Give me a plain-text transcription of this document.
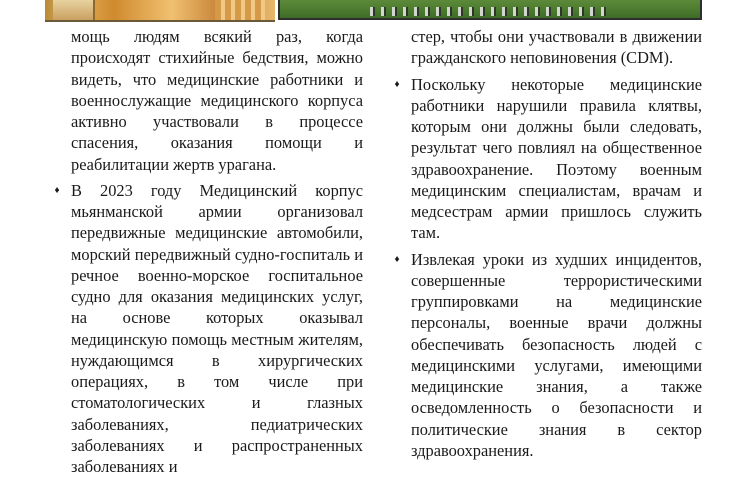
мощь людям всякий раз, когда происходят стихийные бедствия, можно видеть, что медицинские работники и военнослужащие медицинского корпуса активно участвовали в процессе спасения, оказания помощи и реабилитации жертв урагана.

♦ В 2023 году Медицинский корпус мьянманской армии организовал передвижные медицинские автомобили, морский передвижный судно-госпиталь и речное военно-морское госпитальное судно для оказания медицинских услуг, на основе которых оказывал медицинскую помощь местным жителям, нуждающимся в хирургических операциях, в том числе при стоматологических и глазных заболеваниях, педиатрических заболеваниях и распространенных заболеваниях и

стер, чтобы они участвовали в движении гражданского неповиновения (CDM).

♦ Поскольку некоторые медицинские работники нарушили правила клятвы, которым они должны были следовать, результат чего повлиял на общественное здравоохранение. Поэтому военным медицинским специалистам, врачам и медсестрам армии пришлось служить там.
♦ Извлекая уроки из худших инцидентов, совершенные террористическими группировками на медицинские персоналы, военные врачи должны обеспечивать безопасность людей с медицинскими услугами, имеющими медицинские знания, а также осведомленность о безопасности и политические знания в сектор здравоохранения.
